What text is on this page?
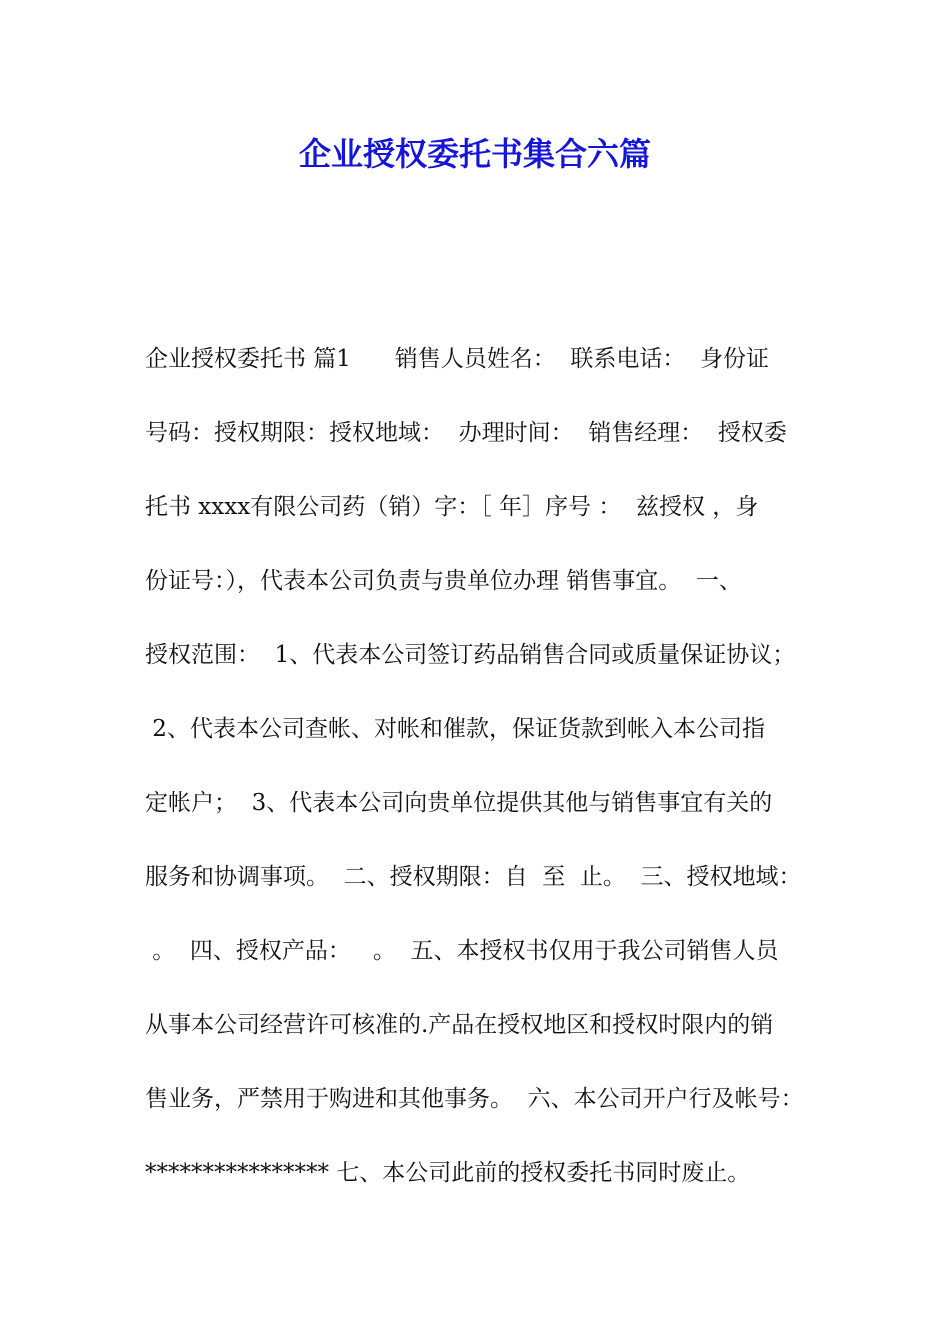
企业授权委托书集合六篇
企业授权委托书 篇1      销售人员姓名：  联系电话：  身份证
号码：授权期限：授权地域：  办理时间：  销售经理：  授权委
托书 xxxx有限公司药（销）字：［ 年］序号 ：  兹授权 ，身
份证号：），代表本公司负责与贵单位办理 销售事宜。  一、
授权范围：  1、代表本公司签订药品销售合同或质量保证协议；
2、代表本公司查帐、对帐和催款，保证货款到帐入本公司指
定帐户；  3、代表本公司向贵单位提供其他与销售事宜有关的
服务和协调事项。  二、授权期限：自  至  止。  三、授权地域：
。  四、授权产品：   。  五、本授权书仅用于我公司销售人员
从事本公司经营许可核准的.产品在授权地区和授权时限内的销
售业务，严禁用于购进和其他事务。  六、本公司开户行及帐号：
**************** 七、本公司此前的授权委托书同时废止。
